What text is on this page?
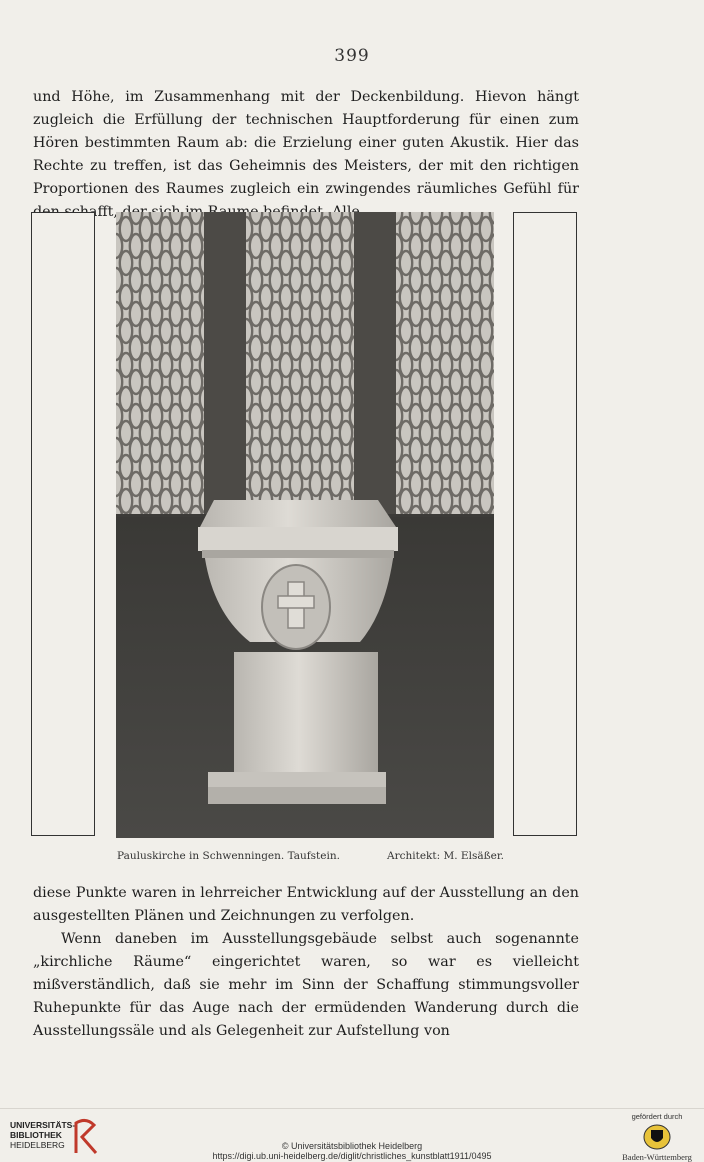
399

und Höhe, im Zusammenhang mit der Deckenbildung. Hievon hängt zugleich die Erfüllung der technischen Hauptforderung für einen zum Hören bestimmten Raum ab: die Erzielung einer guten Akustik. Hier das Rechte zu treffen, ist das Geheimnis des Meisters, der mit den richtigen Proportionen des Raumes zugleich ein zwingendes räumliches Gefühl für

Pauluskirche in Schwenningen. Taufstein.	Architekt: M. Elsäßer.

diese Punkte waren in lehrreicher Entwicklung auf der Ausstellung an den ausgestellten Plänen und Zeichnungen zu verfolgen.

Wenn daneben im Ausstellungsgebäude selbst auch sogenannte „kirchliche Räume“ eingerichtet waren, so war es vielleicht mißverständlich, daß sie mehr im Sinn der Schaffung stimmungsvoller Ruhepunkte für das Auge nach der ermüdenden Wanderung durch die Ausstellungssäle und als Gelegenheit zur Aufstellung von

UNIVERSITÄTS-
BIBLIOTHEK
HEIDELBERG	© Universitätsbibliothek Heidelberg
https://digi.ub.uni-heidelberg.de/diglit/christliches_kunstblatt1911/0495
gefördert durch
Baden-Württemberg
